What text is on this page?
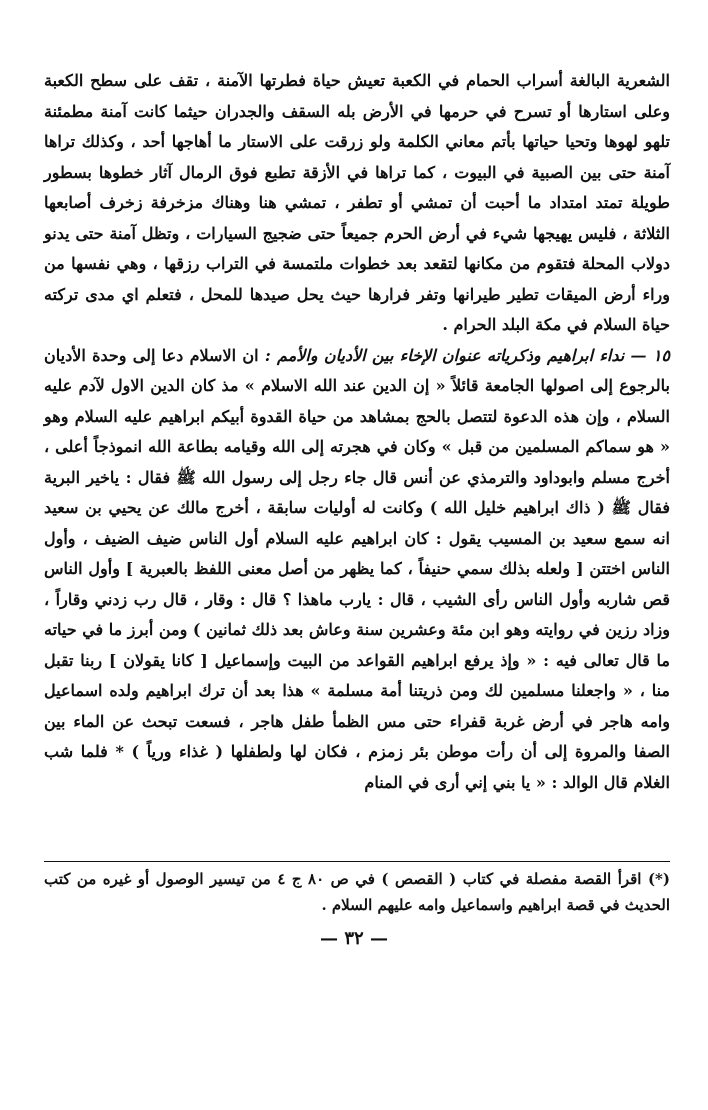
الشعرية البالغة أسراب الحمام في الكعبة تعيش حياة فطرتها الآمنة ، تقف على سطح الكعبة وعلى استارها أو تسرح في حرمها في الأرض بله السقف والجدران حيثما كانت آمنة مطمئنة تلهو لهوها وتحيا حياتها بأتم معاني الكلمة ولو زرقت على الاستار ما أهاجها أحد ، وكذلك تراها آمنة حتى بين الصبية في البيوت ، كما تراها في الأزقة تطبع فوق الرمال آثار خطوها بسطور طويلة تمتد امتداد ما أحبت أن تمشي أو تطفر ، تمشي هنا وهناك مزخرفة زخرف أصابعها الثلاثة ، فليس يهيجها شيء في أرض الحرم جميعاً حتى ضجيج السيارات ، وتظل آمنة حتى يدنو دولاب المحلة فتقوم من مكانها لتقعد بعد خطوات ملتمسة في التراب رزقها ، وهي نفسها من وراء أرض الميقات تطير طيرانها وتفر فرارها حيث يحل صيدها للمحل ، فتعلم اي مدى تركته حياة السلام في مكة البلد الحرام .

١٥ — نداء ابراهيم وذكرياته عنوان الإخاء بين الأديان والأمم : ان الاسلام دعا إلى وحدة الأديان بالرجوع إلى اصولها الجامعة قائلاً « إن الدين عند الله الاسلام » مذ كان الدين الاول لآدم عليه السلام ، وإن هذه الدعوة لتتصل بالحج بمشاهد من حياة القدوة أبيكم ابراهيم عليه السلام وهو « هو سماكم المسلمين من قبل » وكان في هجرته إلى الله وقيامه بطاعة الله انموذجاً أعلى ، أخرج مسلم وابوداود والترمذي عن أنس قال جاء رجل إلى رسول الله ﷺ فقال : ياخير البرية فقال ﷺ ( ذاك ابراهيم خليل الله ) وكانت له أوليات سابقة ، أخرج مالك عن يحيي بن سعيد انه سمع سعيد بن المسيب يقول : كان ابراهيم عليه السلام أول الناس ضيف الضيف ، وأول الناس اختتن [ ولعله بذلك سمي حنيفاً ، كما يظهر من أصل معنى اللفظ بالعبرية ] وأول الناس قص شاربه وأول الناس رأى الشيب ، قال : يارب ماهذا ؟ قال : وقار ، قال رب زدني وقاراً ، وزاد رزين في روايته وهو ابن مئة وعشرين سنة وعاش بعد ذلك ثمانين ) ومن أبرز ما في حياته ما قال تعالى فيه : « وإذ يرفع ابراهيم القواعد من البيت وإسماعيل [ كانا يقولان ] ربنا تقبل منا ، « واجعلنا مسلمين لك ومن ذريتنا أمة مسلمة » هذا بعد أن ترك ابراهيم ولده اسماعيل وامه هاجر في أرض غربة قفراء حتى مس الظمأ طفل هاجر ، فسعت تبحث عن الماء بين الصفا والمروة إلى أن رأت موطن بئر زمزم ، فكان لها ولطفلها ( غذاء ورياً ) * فلما شب الغلام قال الوالد : « يا بني إني أرى في المنام

(*) اقرأ القصة مفصلة في كتاب ( القصص ) في ص ٨٠ ج ٤ من تيسير الوصول أو غيره من كتب الحديث في قصة ابراهيم واسماعيل وامه عليهم السلام .

— ٣٢ —
